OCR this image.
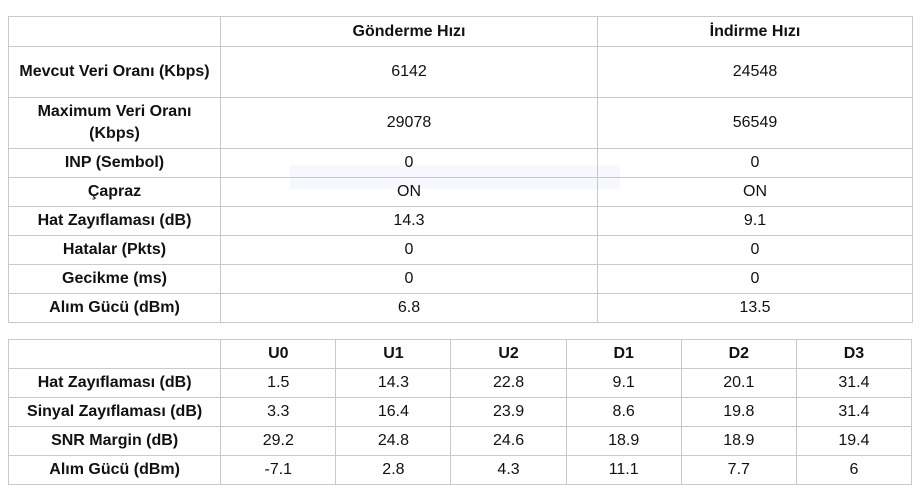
	Gönderme Hızı	İndirme Hızı
Mevcut Veri Oranı (Kbps)	6142	24548
Maximum Veri Oranı (Kbps)	29078	56549
INP (Sembol)	0	0
Çapraz	ON	ON
Hat Zayıflaması (dB)	14.3	9.1
Hatalar (Pkts)	0	0
Gecikme (ms)	0	0
Alım Gücü (dBm)	6.8	13.5
	U0	U1	U2	D1	D2	D3
Hat Zayıflaması (dB)	1.5	14.3	22.8	9.1	20.1	31.4
Sinyal Zayıflaması (dB)	3.3	16.4	23.9	8.6	19.8	31.4
SNR Margin (dB)	29.2	24.8	24.6	18.9	18.9	19.4
Alım Gücü (dBm)	-7.1	2.8	4.3	11.1	7.7	6
